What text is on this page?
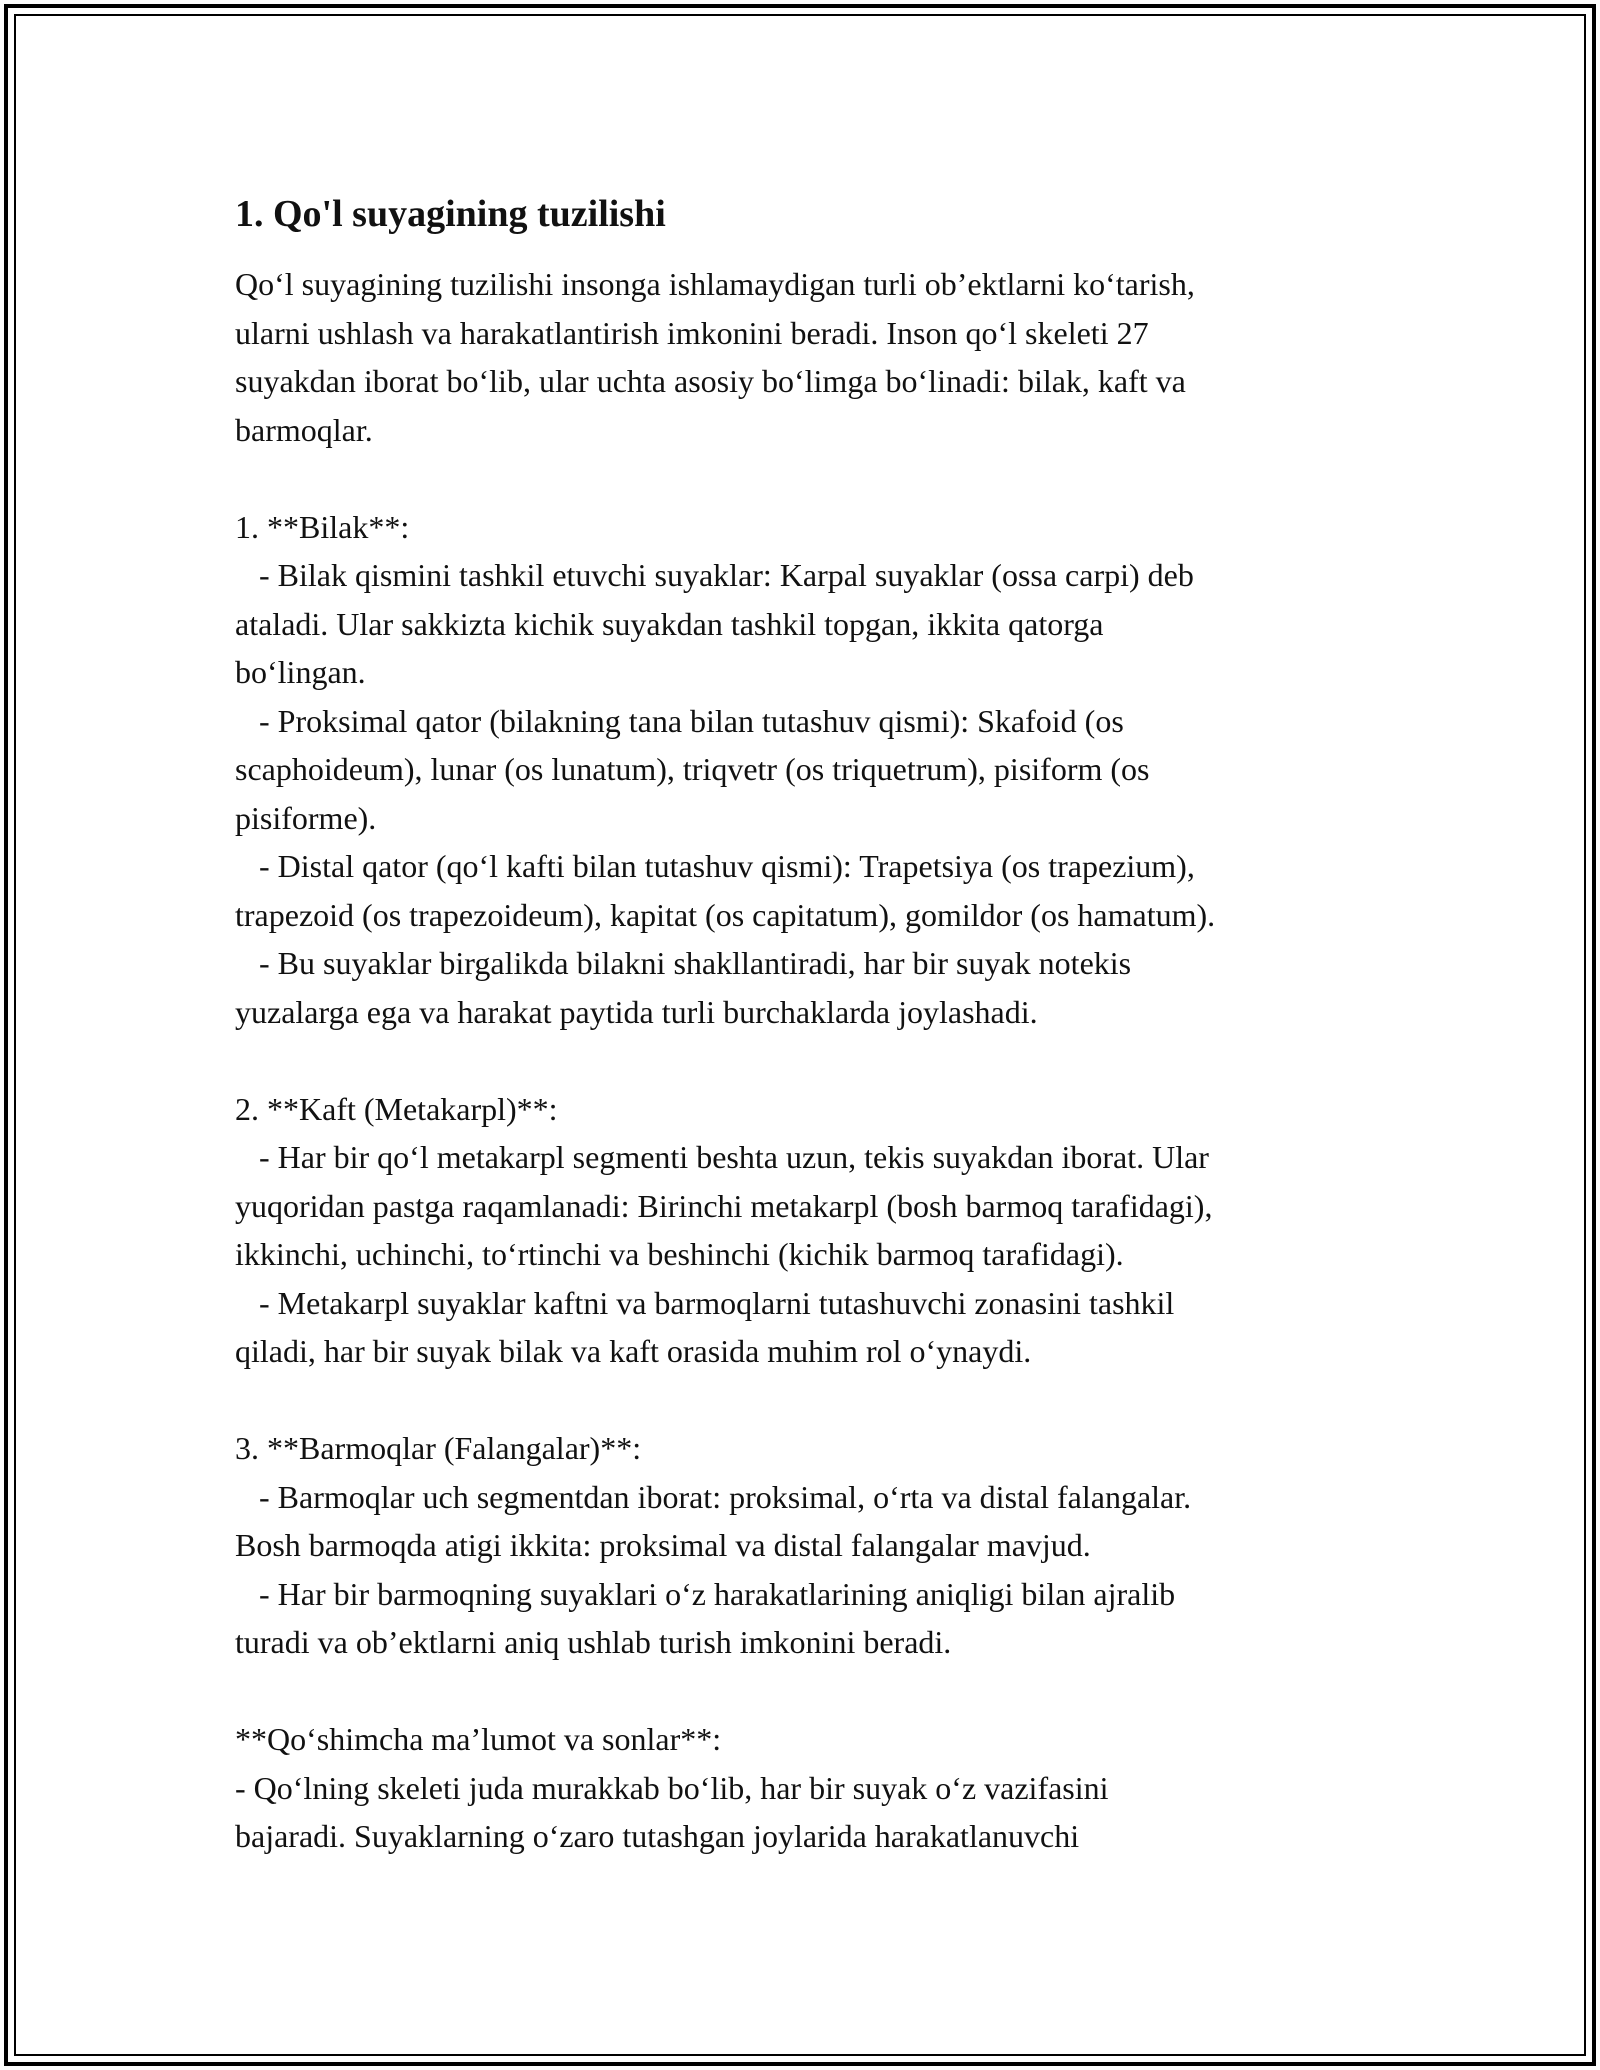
1. Qo'l suyagining tuzilishi
Qo‘l suyagining tuzilishi insonga ishlamaydigan turli ob’ektlarni ko‘tarish,
ularni ushlash va harakatlantirish imkonini beradi. Inson qo‘l skeleti 27
suyakdan iborat bo‘lib, ular uchta asosiy bo‘limga bo‘linadi: bilak, kaft va
barmoqlar.
1. **Bilak**:
- Bilak qismini tashkil etuvchi suyaklar: Karpal suyaklar (ossa carpi) deb
ataladi. Ular sakkizta kichik suyakdan tashkil topgan, ikkita qatorga
bo‘lingan.
- Proksimal qator (bilakning tana bilan tutashuv qismi): Skafoid (os
scaphoideum), lunar (os lunatum), triqvetr (os triquetrum), pisiform (os
pisiforme).
- Distal qator (qo‘l kafti bilan tutashuv qismi): Trapetsiya (os trapezium),
trapezoid (os trapezoideum), kapitat (os capitatum), gomildor (os hamatum).
- Bu suyaklar birgalikda bilakni shakllantiradi, har bir suyak notekis
yuzalarga ega va harakat paytida turli burchaklarda joylashadi.
2. **Kaft (Metakarpl)**:
- Har bir qo‘l metakarpl segmenti beshta uzun, tekis suyakdan iborat. Ular
yuqoridan pastga raqamlanadi: Birinchi metakarpl (bosh barmoq tarafidagi),
ikkinchi, uchinchi, to‘rtinchi va beshinchi (kichik barmoq tarafidagi).
- Metakarpl suyaklar kaftni va barmoqlarni tutashuvchi zonasini tashkil
qiladi, har bir suyak bilak va kaft orasida muhim rol o‘ynaydi.
3. **Barmoqlar (Falangalar)**:
- Barmoqlar uch segmentdan iborat: proksimal, o‘rta va distal falangalar.
Bosh barmoqda atigi ikkita: proksimal va distal falangalar mavjud.
- Har bir barmoqning suyaklari o‘z harakatlarining aniqligi bilan ajralib
turadi va ob’ektlarni aniq ushlab turish imkonini beradi.
**Qo‘shimcha ma’lumot va sonlar**:
- Qo‘lning skeleti juda murakkab bo‘lib, har bir suyak o‘z vazifasini
bajaradi. Suyaklarning o‘zaro tutashgan joylarida harakatlanuvchi
